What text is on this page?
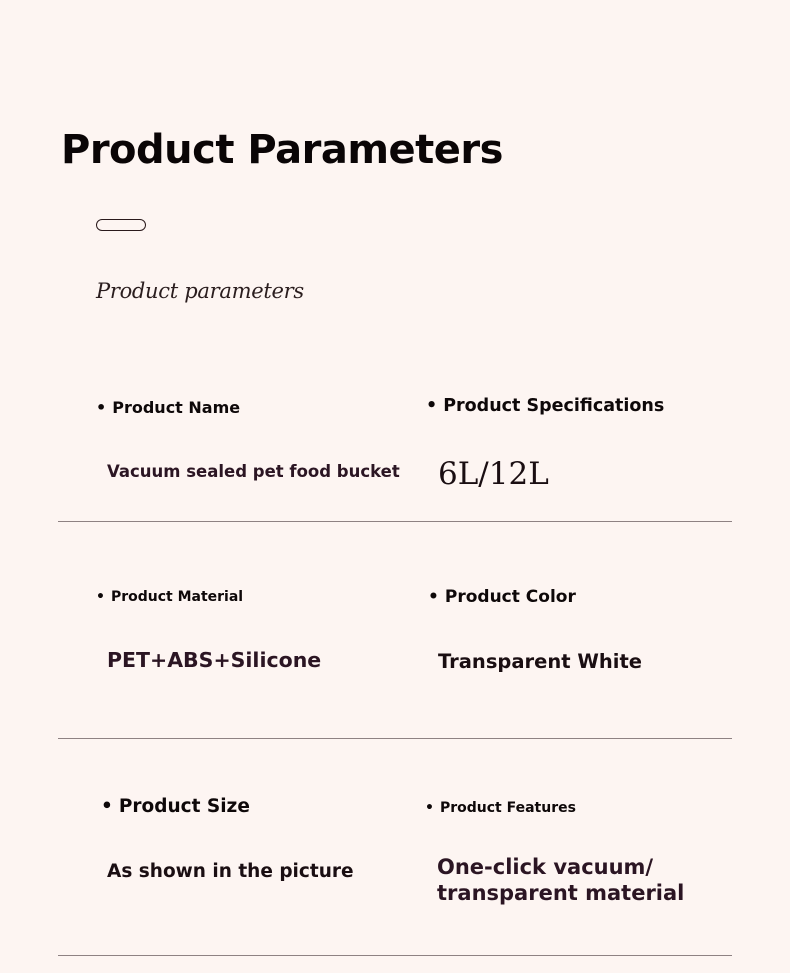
Product Parameters
Product parameters
• Product Name
Vacuum sealed pet food bucket
• Product Specifications
6L/12L
• Product Material
PET+ABS+Silicone
• Product Color
Transparent White
• Product Size
As shown in the picture
• Product Features
One-click vacuum/
transparent material
